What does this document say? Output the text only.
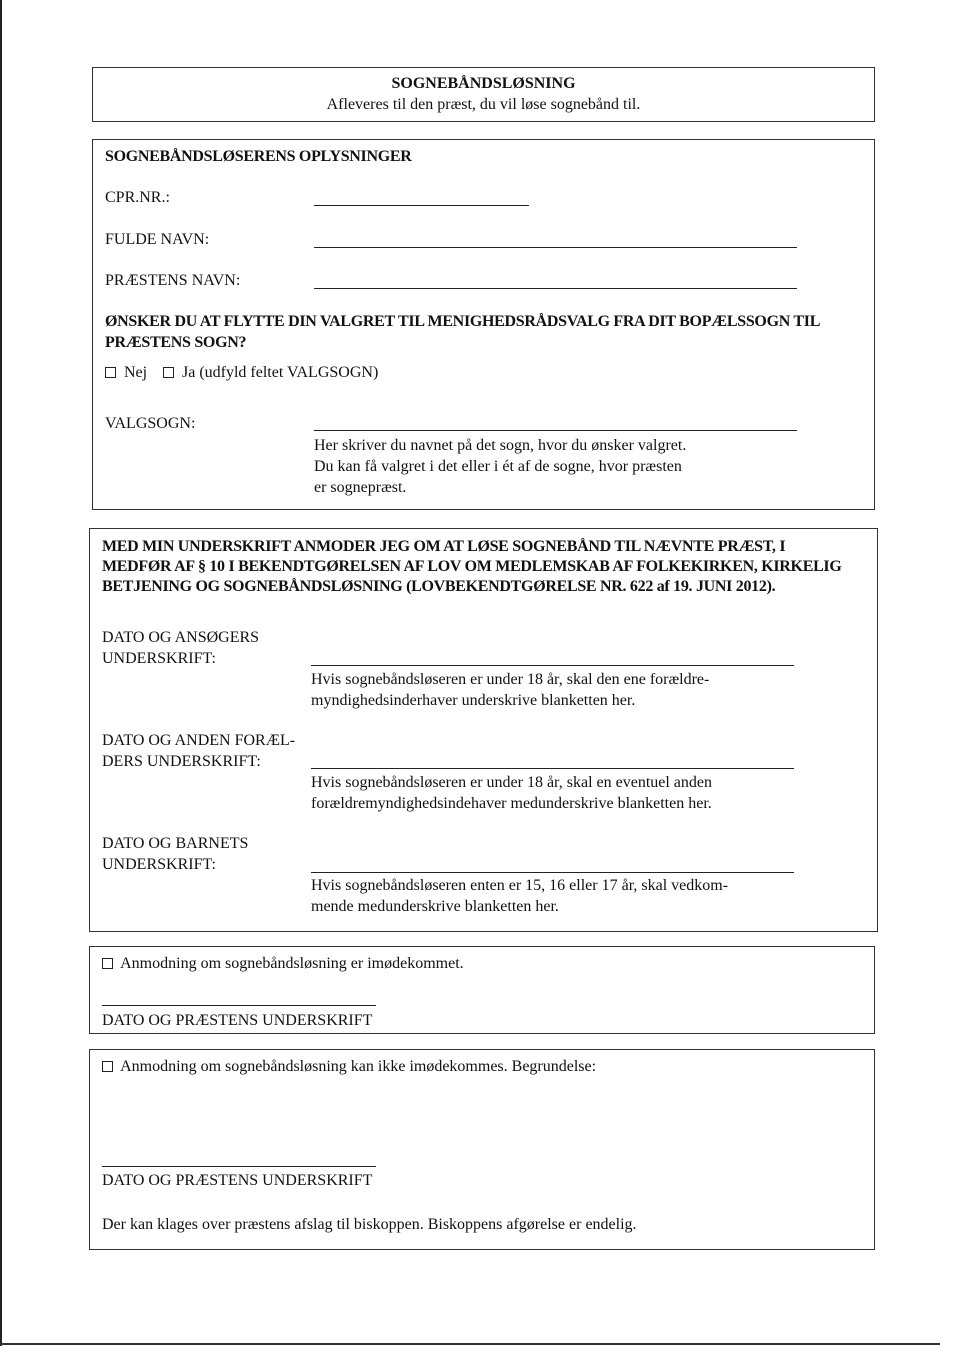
SOGNEBÅNDSLØSNING
Afleveres til den præst, du vil løse sognebånd til.
SOGNEBÅNDSLØSERENS OPLYSNINGER
CPR.NR.:
FULDE NAVN:
PRÆSTENS NAVN:
ØNSKER DU AT FLYTTE DIN VALGRET TIL MENIGHEDSRÅDSVALG FRA DIT BOPÆLSSOGN TIL
PRÆSTENS SOGN?
Nej	Ja (udfyld feltet VALGSOGN)
VALGSOGN:
Her skriver du navnet på det sogn, hvor du ønsker valgret.
Du kan få valgret i det eller i ét af de sogne, hvor præsten
er sognepræst.
MED MIN UNDERSKRIFT ANMODER JEG OM AT LØSE SOGNEBÅND TIL NÆVNTE PRÆST, I
MEDFØR AF § 10 I BEKENDTGØRELSEN AF LOV OM MEDLEMSKAB AF FOLKEKIRKEN, KIRKELIG
BETJENING OG SOGNEBÅNDSLØSNING (LOVBEKENDTGØRELSE NR. 622 af 19. JUNI 2012).
DATO OG ANSØGERS
UNDERSKRIFT:
Hvis sognebåndsløseren er under 18 år, skal den ene forældre-
myndighedsinderhaver underskrive blanketten her.
DATO OG ANDEN FORÆL-
DERS UNDERSKRIFT:
Hvis sognebåndsløseren er under 18 år, skal en eventuel anden
forældremyndighedsindehaver medunderskrive blanketten her.
DATO OG BARNETS
UNDERSKRIFT:
Hvis sognebåndsløseren enten er 15, 16 eller 17 år, skal vedkom-
mende medunderskrive blanketten her.
Anmodning om sognebåndsløsning er imødekommet.
DATO OG PRÆSTENS UNDERSKRIFT
Anmodning om sognebåndsløsning kan ikke imødekommes. Begrundelse:
DATO OG PRÆSTENS UNDERSKRIFT
Der kan klages over præstens afslag til biskoppen. Biskoppens afgørelse er endelig.
